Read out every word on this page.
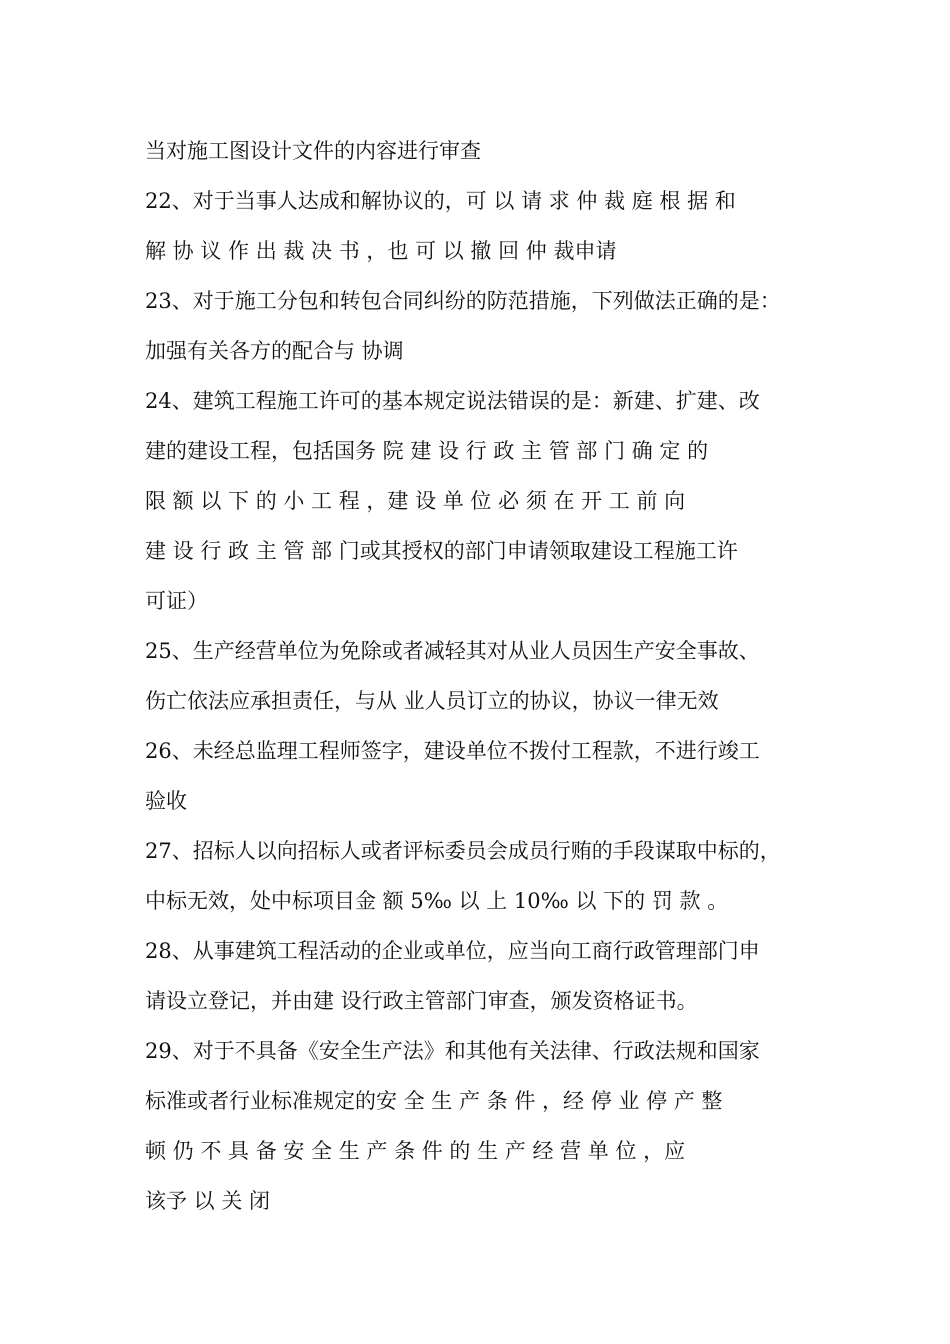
当对施工图设计文件的内容进行审查
22、对于当事人达成和解协议的，可 以 请 求 仲 裁 庭 根 据 和
解 协 议 作 出 裁 决 书 ，也 可 以 撤 回 仲 裁申请
23、对于施工分包和转包合同纠纷的防范措施，下列做法正确的是：
加强有关各方的配合与 协调
24、建筑工程施工许可的基本规定说法错误的是：新建、扩建、改
建的建设工程，包括国务 院 建 设 行 政 主 管 部 门 确 定 的
限 额 以 下 的 小 工 程 ，建 设 单 位 必 须 在 开 工 前 向
建 设 行 政 主 管 部 门或其授权的部门申请领取建设工程施工许
可证）
25、生产经营单位为免除或者减轻其对从业人员因生产安全事故、
伤亡依法应承担责任，与从 业人员订立的协议，协议一律无效
26、未经总监理工程师签字，建设单位不拨付工程款，不进行竣工
验收
27、招标人以向招标人或者评标委员会成员行贿的手段谋取中标的，
中标无效，处中标项目金 额 5‰ 以 上 10‰ 以 下的 罚 款 。
28、从事建筑工程活动的企业或单位，应当向工商行政管理部门申
请设立登记，并由建 设行政主管部门审查，颁发资格证书。
29、对于不具备《安全生产法》和其他有关法律、行政法规和国家
标准或者行业标准规定的安 全 生 产 条 件 ，经 停 业 停 产 整
顿 仍 不 具 备 安 全 生 产 条 件 的 生 产 经 营 单 位 ，应
该予 以 关 闭
